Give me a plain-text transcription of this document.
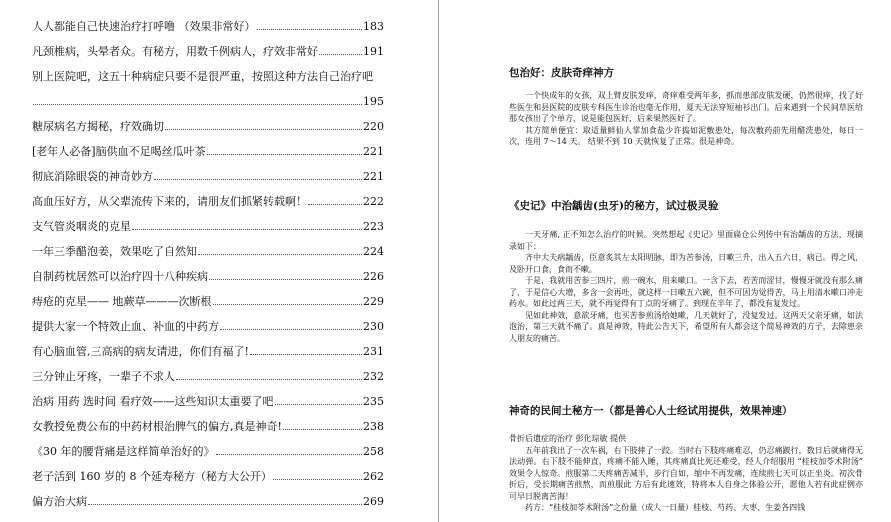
人人都能自己快速治疗打呼噜 （效果非常好）	183
凡颈椎病，头晕者众。有秘方，用数千例病人，疗效非常好	191
别上医院吧，这五十种病症只要不是很严重，按照这种方法自己治疗吧
195
糖尿病名方揭秘，疗效确切	220
[老年人必备]脑供血不足喝丝瓜叶茶	221
彻底消除眼袋的神奇妙方	221
高血压好方，从父辈流传下来的，请朋友们抓紧转载啊！	222
支气管炎咽炎的克星	223
一年三季醋泡姜，效果吃了自然知	224
自制药枕居然可以治疗四十八种疾病	226
痔疮的克星—— 地蕨草———次断根	229
提供大家一个特效止血、补血的中药方	230
有心脑血管,三高病的病友请进，你们有福了!	231
三分钟止牙疼，一辈子不求人	232
治病 用药 选时间 看疗效——这些知识太重要了吧	235
女教授免费公布的中药材根治脾气的偏方,真是神奇!	238
《30 年的腰背痛是这样简单治好的》	258
老子活到 160 岁的 8 个延寿秘方（秘方大公开）	262
偏方治大病	269
包治好：皮肤奇痒神方

一个快成年的女孩，双上臂皮肤发痒，奇痒难受两年多，抓而患部皮肤发硬，仍然很痒，找了好些医生和县医院的皮肤专科医生诊治也毫无作用，夏天无法穿短袖衫出门。后来遇到一个民间草医给那女孩出了个单方，说是能包医好，后来果然医好了。

其方简单便宜：取适量鲜仙人掌加食盐少许捣如泥敷患处，每次敷药前先用醋洗患处，每日一次，连用 7～14 天。 结果不到 10 天就恢复了正常。很是神奇。

《史记》中治龋齿(虫牙)的秘方，试过极灵验

一天牙痛, 正不知怎么治疗的时候。突然想起《史记》里面扁仓公列传中有治龋齿的方法，现摘录如下：

齐中大夫病龋齿，臣意炙其左太阳明脉，即为苦参汤，日嗽三升，出入五六日，病已。得之风，及卧开口食，食而不嗽。

于是，我就用苦参三四片，煎一碗水，用来嗽口。一含下去，若苦而涩甘，慢慢牙就没有那么痛了，于是信心大增，多含一会再吐，就这样一日嗽五六碗，但不可因为觉得苦，马上用清水嗽口冲走药水。如此过两三天，就不再觉得有丁点的牙痛了。到现在半年了，都没有复发过。

见如此神效，意欲牙痛，也买苦参煎汤给她嗽，几天就好了，没复发过。这两天父亲牙痛，如法泡治，第三天就不痛了。真是神效，特此公告天下，希望所有人都会这个简易神效的方子，去除患亲人朋友的痛苦。

神奇的民间土秘方一（都是善心人士经试用提供，效果神速）

骨折后遗症的治疗 彭化琮敏 提供

五年前我出了一次车祸，右下肢摔了一跤。当时右下肢疼痛难忍，仍忍痛跛行，数日后就痛得无法动弹。右下肢不能伸直，疼痛不能入睡，其疼痛真比死还难受，经人介绍服用 “桂枝加苓术附汤” 效果令人惊奇。煎服第二天疼痛苦减半，步行自如，缩中不再发痛，连续煎七天可以正坐炎。初次骨折后，受长期痛苦煎熬，而煎服此 方后有此速效，特将本人自身之体验公开，愿他人若有此症例亦可早日脱离苦海！

药方：“桂枝加苓术附汤”之份量（成人一日量）桂枝、芍药、大枣、生姜各四钱
